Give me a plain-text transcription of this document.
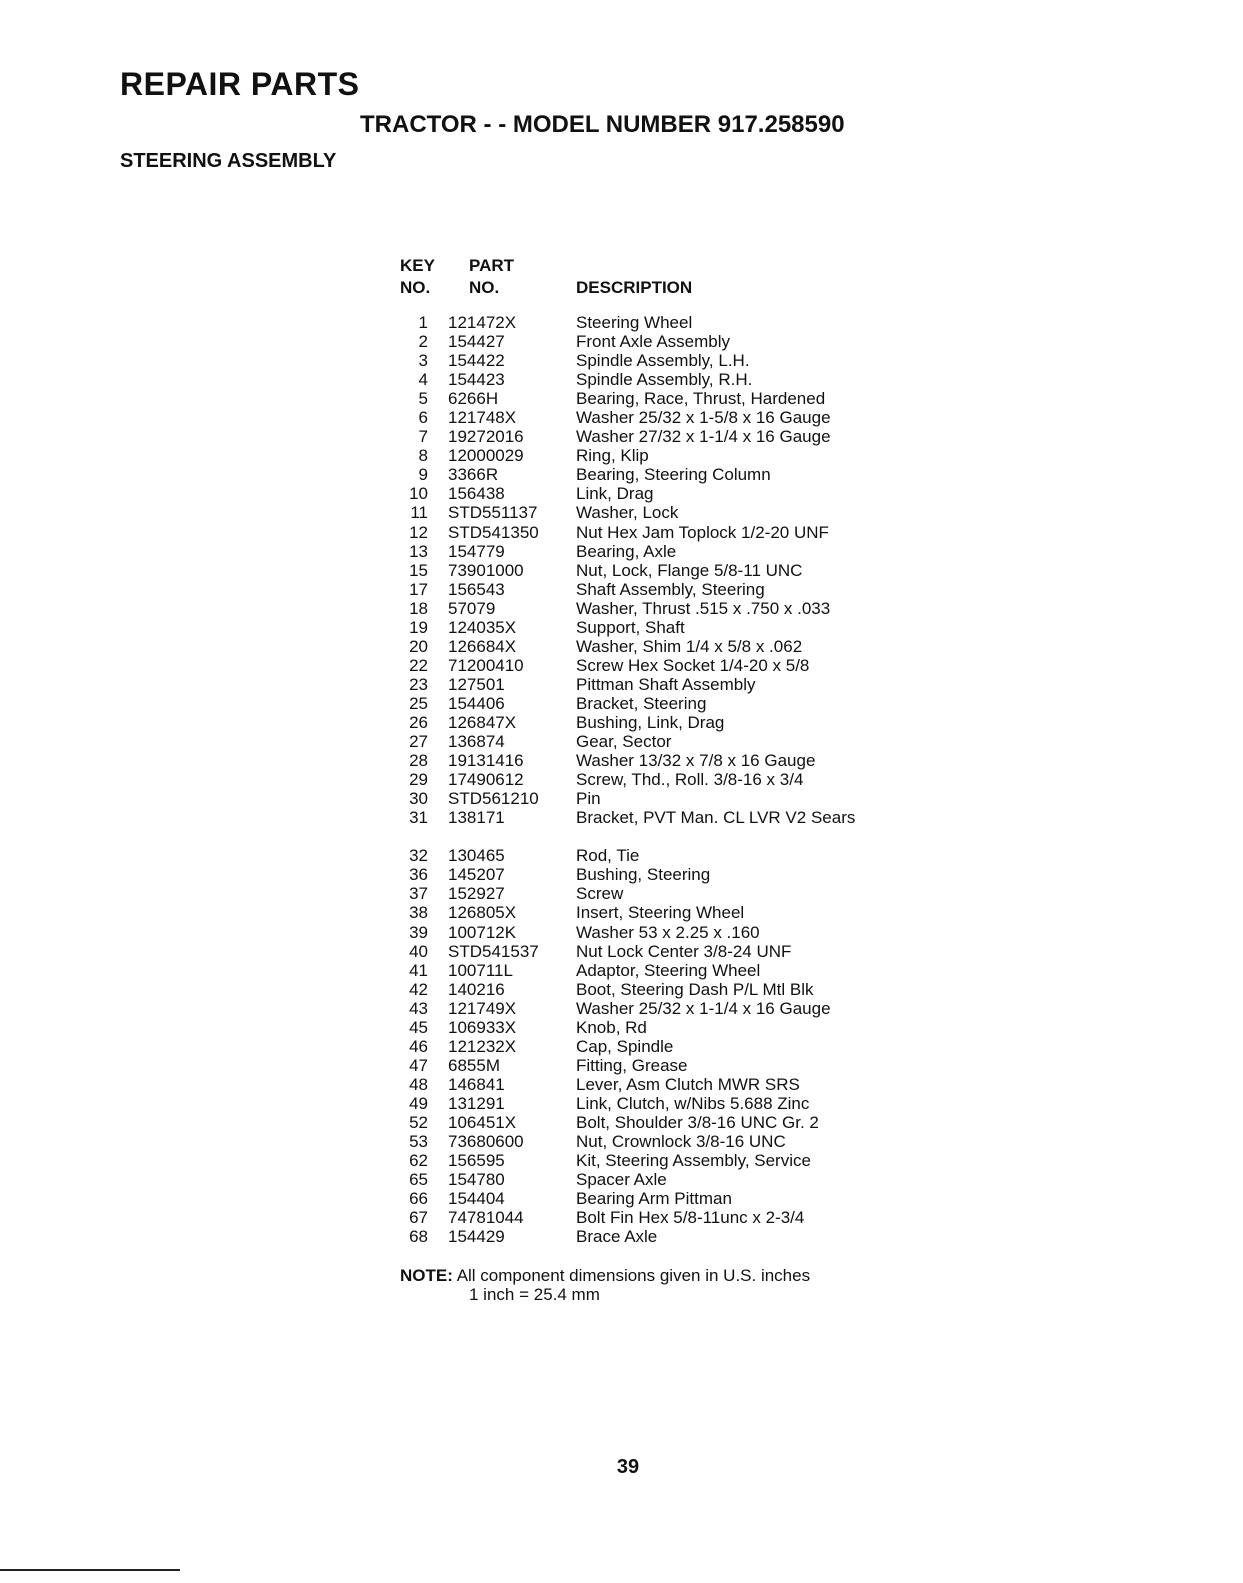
REPAIR PARTS
TRACTOR - - MODEL NUMBER 917.258590
STEERING ASSEMBLY
KEY PART
NO. NO.	DESCRIPTION
1 121472X	Steering Wheel
2 154427	Front Axle Assembly
3 154422	Spindle Assembly, L.H.
4 154423	Spindle Assembly, R.H.
5 6266H	Bearing, Race, Thrust, Hardened
6 121748X	Washer 25/32 x 1-5/8 x 16 Gauge
7 19272016	Washer 27/32 x 1-1/4 x 16 Gauge
8 12000029	Ring, Klip
9 3366R	Bearing, Steering Column
10 156438	Link, Drag
11 STD551137 Washer, Lock
12 STD541350 Nut Hex Jam Toplock 1/2-20 UNF
13 154779	Bearing, Axle
15 73901000	Nut, Lock, Flange 5/8-11 UNC
17 156543	Shaft Assembly, Steering
18 57079	Washer, Thrust .515 x .750 x .033
19 124035X	Support, Shaft
20 126684X	Washer, Shim 1/4 x 5/8 x .062
22 71200410	Screw Hex Socket 1/4-20 x 5/8
23 127501	Pittman Shaft Assembly
25 154406	Bracket, Steering
26 126847X	Bushing, Link, Drag
27 136874	Gear, Sector
28 19131416	Washer 13/32 x 7/8 x 16 Gauge
29 17490612	Screw, Thd., Roll. 3/8-16 x 3/4
30 STD561210 Pin
31 138171	Bracket, PVT Man. CL LVR V2 Sears
32 130465	Rod, Tie
36 145207	Bushing, Steering
37 152927	Screw
38 126805X	Insert, Steering Wheel
39 100712K	Washer 53 x 2.25 x .160
40 STD541537 Nut Lock Center 3/8-24 UNF
41 100711L	Adaptor, Steering Wheel
42 140216	Boot, Steering Dash P/L Mtl Blk
43 121749X	Washer 25/32 x 1-1/4 x 16 Gauge
45 106933X	Knob, Rd
46 121232X	Cap, Spindle
47 6855M	Fitting, Grease
48 146841	Lever, Asm Clutch MWR SRS
49 131291	Link, Clutch, w/Nibs 5.688 Zinc
52 106451X	Bolt, Shoulder 3/8-16 UNC Gr. 2
53 73680600	Nut, Crownlock 3/8-16 UNC
62 156595	Kit, Steering Assembly, Service
65 154780	Spacer Axle
66 154404	Bearing Arm Pittman
67 74781044	Bolt Fin Hex 5/8-11unc x 2-3/4
68 154429	Brace Axle
NOTE: All component dimensions given in U.S. inches
1 inch = 25.4 mm
39
